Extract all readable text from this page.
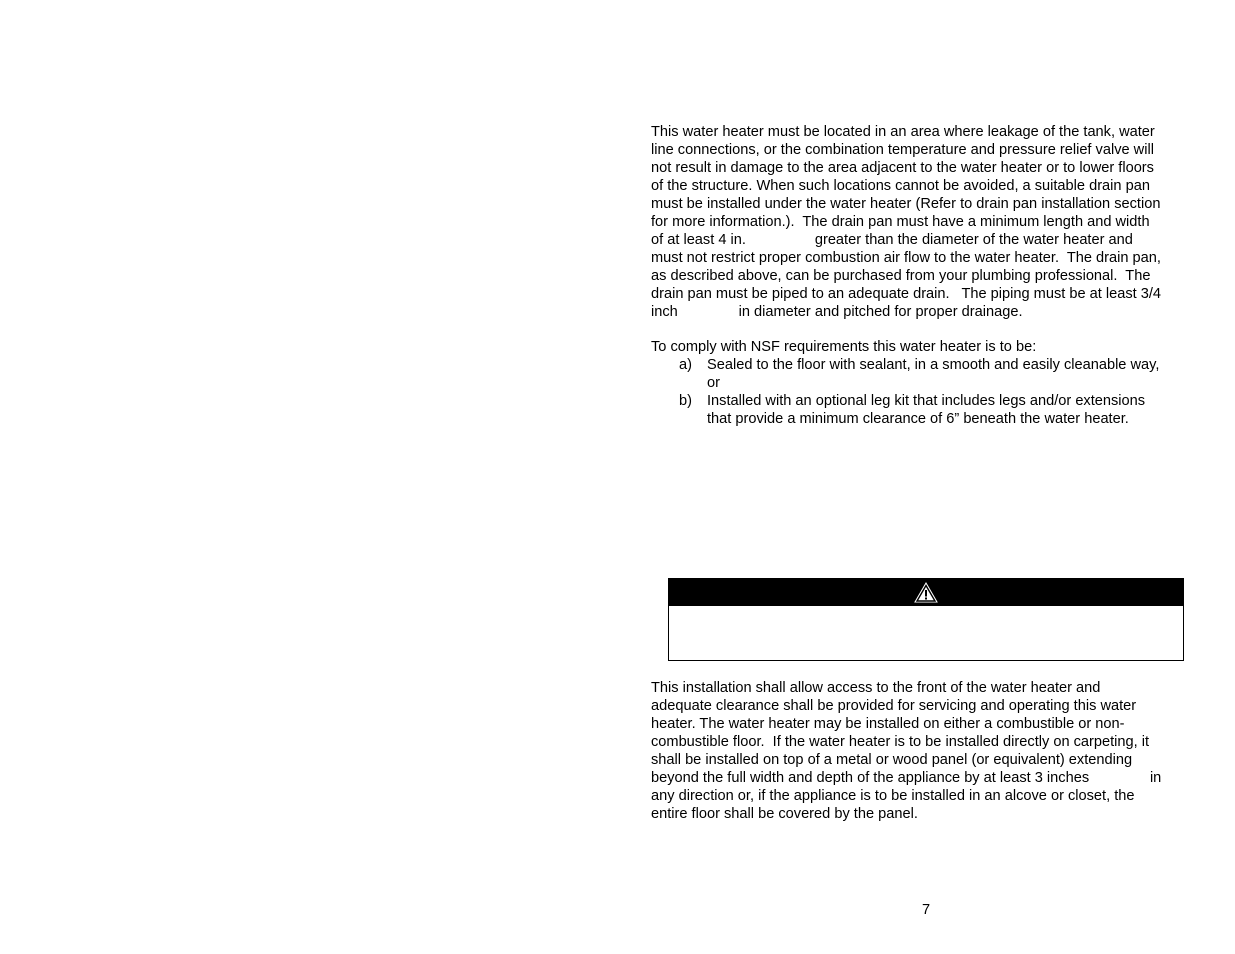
This water heater must be located in an area where leakage of the tank, water
line connections, or the combination temperature and pressure relief valve will
not result in damage to the area adjacent to the water heater or to lower floors
of the structure. When such locations cannot be avoided, a suitable drain pan
must be installed under the water heater (Refer to drain pan installation section
for more information.).  The drain pan must have a minimum length and width
of at least 4 in.                 greater than the diameter of the water heater and
must not restrict proper combustion air flow to the water heater.  The drain pan,
as described above, can be purchased from your plumbing professional.  The
drain pan must be piped to an adequate drain.   The piping must be at least 3/4
inch               in diameter and pitched for proper drainage.
To comply with NSF requirements this water heater is to be:
a) Sealed to the floor with sealant, in a smooth and easily cleanable way,
or
b) Installed with an optional leg kit that includes legs and/or extensions
that provide a minimum clearance of 6” beneath the water heater.
This installation shall allow access to the front of the water heater and
adequate clearance shall be provided for servicing and operating this water
heater. The water heater may be installed on either a combustible or non-
combustible floor.  If the water heater is to be installed directly on carpeting, it
shall be installed on top of a metal or wood panel (or equivalent) extending
beyond the full width and depth of the appliance by at least 3 inches               in
any direction or, if the appliance is to be installed in an alcove or closet, the
entire floor shall be covered by the panel.
7
